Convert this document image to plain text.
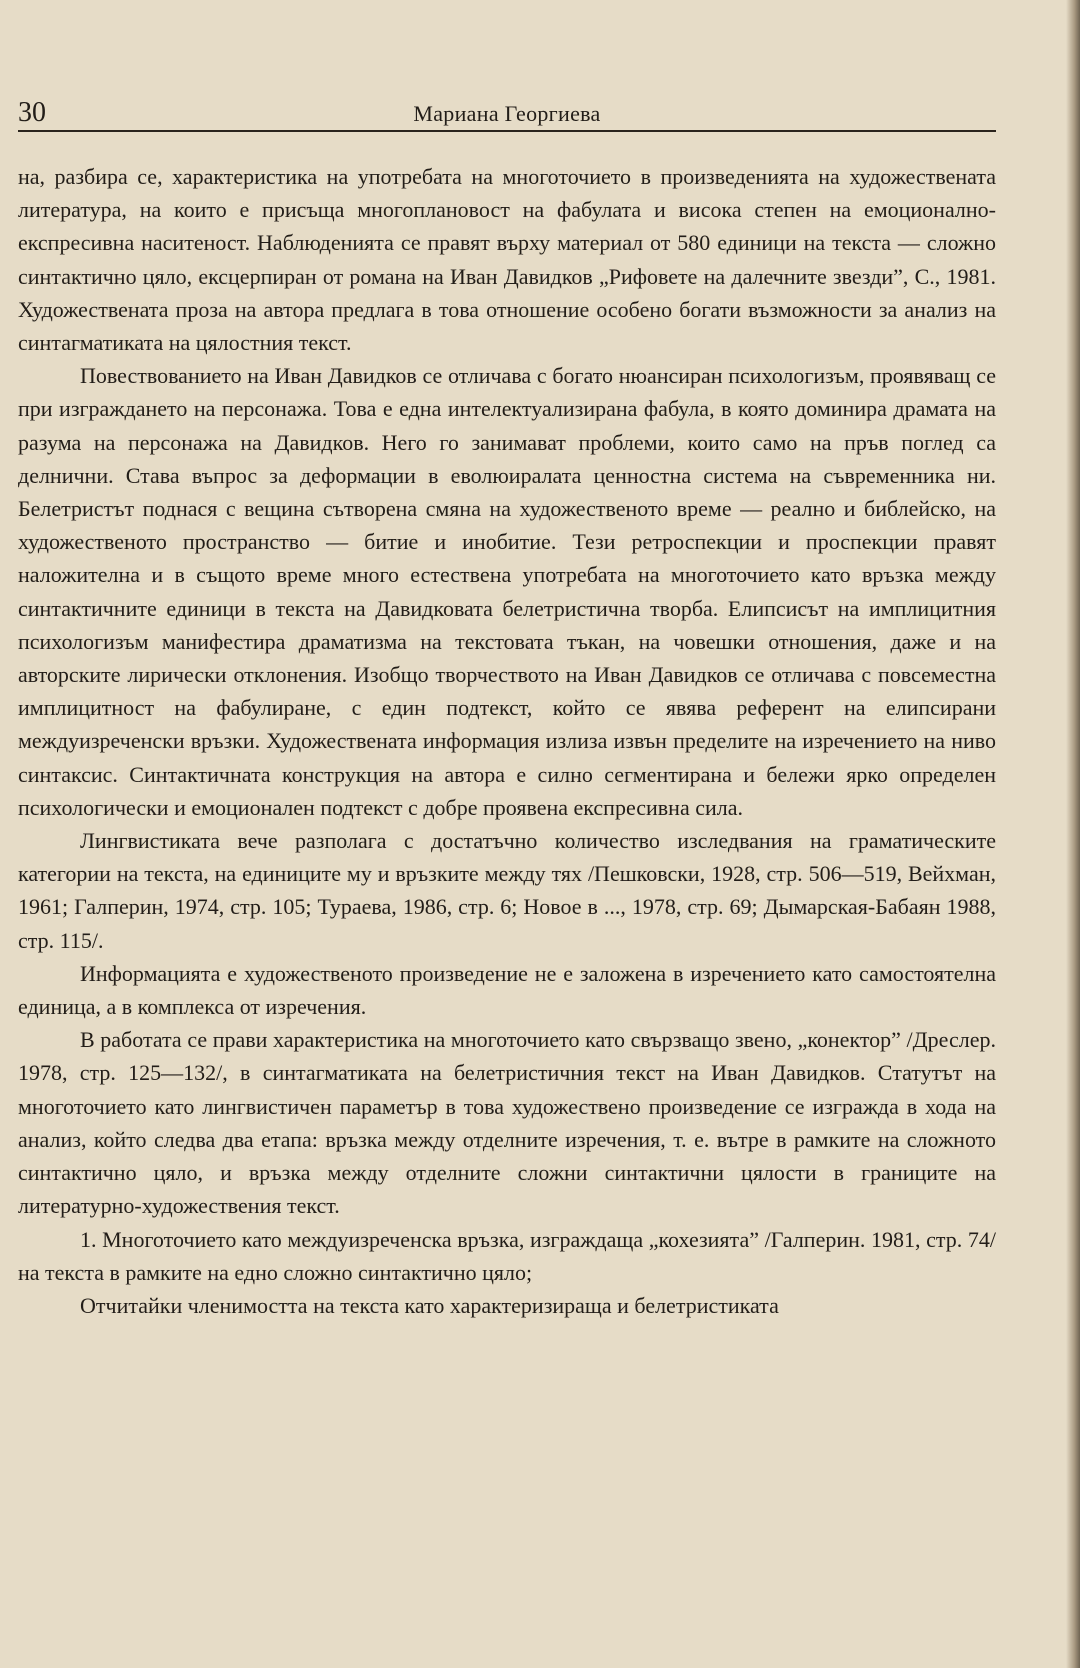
30	Мариана Георгиева

на, разбира се, характеристика на употребата на многоточието в произведенията на художествената литература, на които е присъща многоплановост на фабулата и висока степен на емоционално-експресивна наситеност. Наблюденията се правят върху материал от 580 единици на текста — сложно синтактично цяло, ексцерпиран от романа на Иван Давидков „Рифовете на далечните звезди”, С., 1981. Художествената проза на автора предлага в това отношение особено богати възможности за анализ на синтагматиката на цялостния текст.

Повествованието на Иван Давидков се отличава с богато нюансиран психологизъм, проявяващ се при изграждането на персонажа. Това е една интелектуализирана фабула, в която доминира драмата на разума на персонажа на Давидков. Него го занимават проблеми, които само на пръв поглед са делнични. Става въпрос за деформации в еволюиралата ценностна система на съвременника ни. Белетристът поднася с вещина сътворена смяна на художественото време — реално и библейско, на художественото пространство — битие и инобитие. Тези ретроспекции и проспекции правят наложителна и в същото време много естествена употребата на многоточието като връзка между синтактичните единици в текста на Давидковата белетристична творба. Елипсисът на имплицитния психологизъм манифестира драматизма на текстовата тъкан, на човешки отношения, даже и на авторските лирически отклонения. Изобщо творчеството на Иван Давидков се отличава с повсеместна имплицитност на фабулиране, с един подтекст, който се явява референт на елипсирани междуизреченски връзки. Художествената информация излиза извън пределите на изречението на ниво синтаксис. Синтактичната конструкция на автора е силно сегментирана и бележи ярко определен психологически и емоционален подтекст с добре проявена експресивна сила.

Лингвистиката вече разполага с достатъчно количество изследвания на граматическите категории на текста, на единиците му и връзките между тях /Пешковски, 1928, стр. 506—519, Вейхман, 1961; Галперин, 1974, стр. 105; Тураева, 1986, стр. 6; Новое в ..., 1978, стр. 69; Дымарская-Бабаян 1988, стр. 115/.

Информацията е художественото произведение не е заложена в изречението като самостоятелна единица, а в комплекса от изречения.

В работата се прави характеристика на многоточието като свързващо звено, „конектор” /Дреслер. 1978, стр. 125—132/, в синтагматиката на белетристичния текст на Иван Давидков. Статутът на многоточието като лингвистичен параметър в това художествено произведение се изгражда в хода на анализ, който следва два етапа: връзка между отделните изречения, т. е. вътре в рамките на сложното синтактично цяло, и връзка между отделните сложни синтактични цялости в границите на литературно-художествения текст.

1. Многоточието като междуизреченска връзка, изграждаща „кохезията” /Галперин. 1981, стр. 74/ на текста в рамките на едно сложно синтактично цяло;

Отчитайки членимостта на текста като характеризираща и белетристиката
